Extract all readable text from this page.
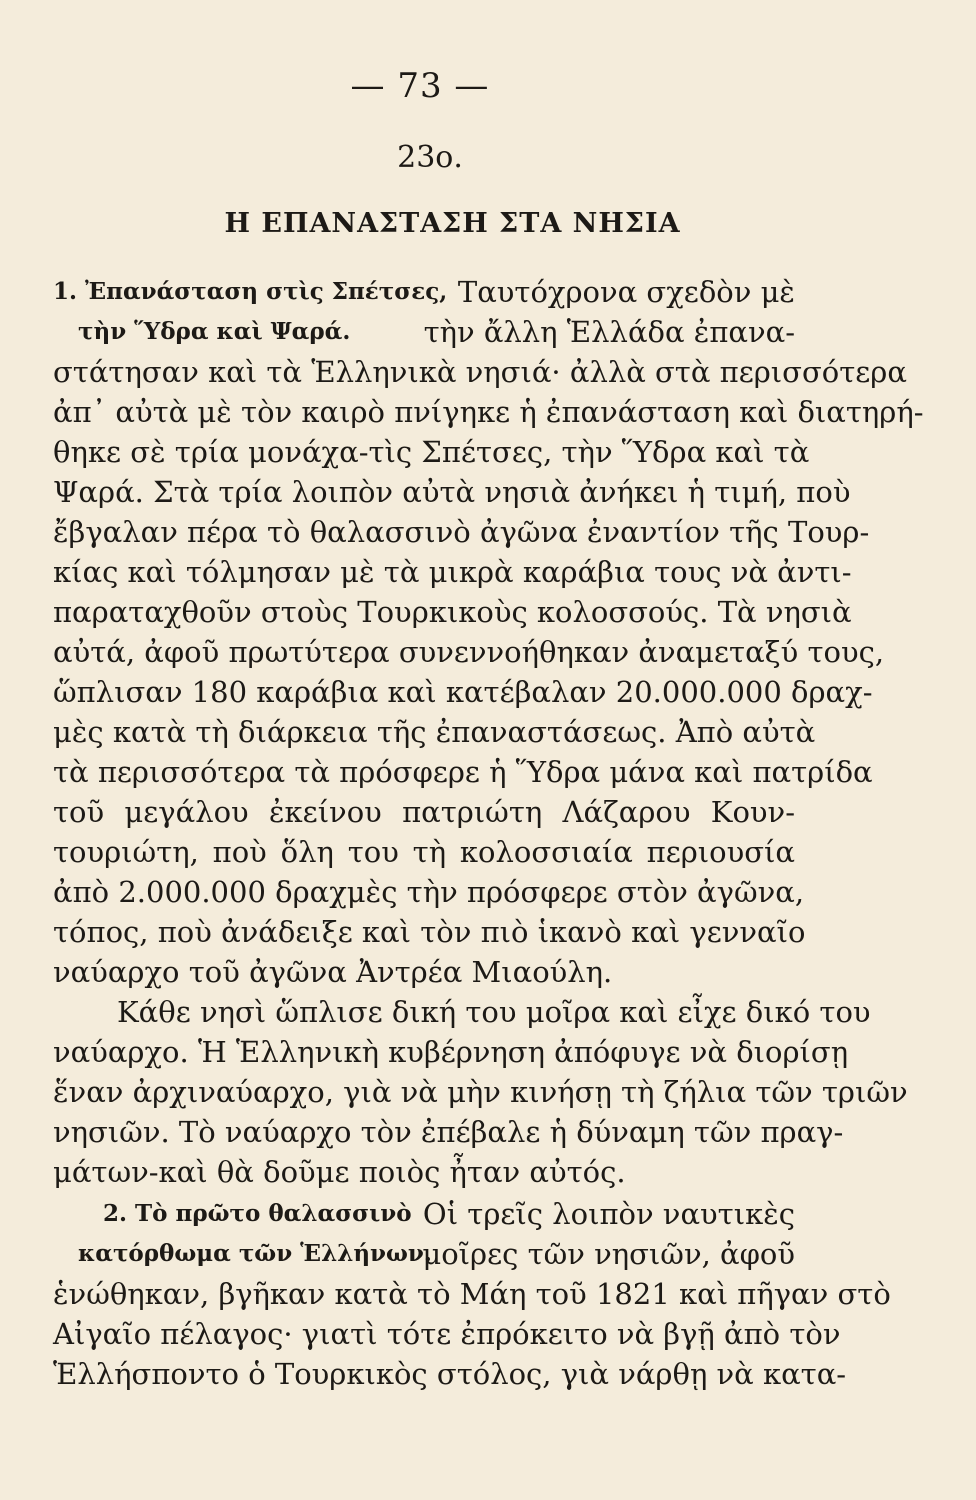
— 73 —
23ο.
Η ΕΠΑΝΑΣΤΑΣΗ ΣΤΑ ΝΗΣΙΑ
1. Ἐπανάσταση στὶς Σπέτσες, Ταυτόχρονα σχεδὸν μὲ
τὴν Ὕδρα καὶ Ψαρά.	τὴν ἄλλη Ἑλλάδα ἐπανα-
στάτησαν καὶ τὰ Ἑλληνικὰ νησιά· ἀλλὰ στὰ περισσότερα
ἀπ᾽ αὐτὰ μὲ τὸν καιρὸ πνίγηκε ἡ ἐπανάσταση καὶ διατηρή-
θηκε σὲ τρία μονάχα-τὶς Σπέτσες, τὴν Ὕδρα καὶ τὰ
Ψαρά. Στὰ τρία λοιπὸν αὐτὰ νησιὰ ἀνήκει ἡ τιμή, ποὺ
ἔβγαλαν πέρα τὸ θαλασσινὸ ἀγῶνα ἐναντίον τῆς Τουρ-
κίας καὶ τόλμησαν μὲ τὰ μικρὰ καράβια τους νὰ ἀντι-
παραταχθοῦν στοὺς Τουρκικοὺς κολοσσούς. Τὰ νησιὰ
αὐτά, ἀφοῦ πρωτύτερα συνεννοήθηκαν ἀναμεταξύ τους,
ὥπλισαν 180 καράβια καὶ κατέβαλαν 20.000.000 δραχ-
μὲς κατὰ τὴ διάρκεια τῆς ἐπαναστάσεως. Ἀπὸ αὐτὰ
τὰ περισσότερα τὰ πρόσφερε ἡ Ὕδρα μάνα καὶ πατρίδα
τοῦ μεγάλου ἐκείνου πατριώτη Λάζαρου Κουν-
τουριώτη, ποὺ ὅλη του τὴ κολοσσιαία περιουσία
ἀπὸ 2.000.000 δραχμὲς τὴν πρόσφερε στὸν ἀγῶνα,
τόπος, ποὺ ἀνάδειξε καὶ τὸν πιὸ ἱκανὸ καὶ γενναῖο
ναύαρχο τοῦ ἀγῶνα Ἀντρέα Μιαούλη.
Κάθε νησὶ ὥπλισε δική του μοῖρα καὶ εἶχε δικό του
ναύαρχο. Ἡ Ἑλληνικὴ κυβέρνηση ἀπόφυγε νὰ διορίσῃ
ἕναν ἀρχιναύαρχο, γιὰ νὰ μὴν κινήσῃ τὴ ζήλια τῶν τριῶν
νησιῶν. Τὸ ναύαρχο τὸν ἐπέβαλε ἡ δύναμη τῶν πραγ-
μάτων-καὶ θὰ δοῦμε ποιὸς ἦταν αὐτός.
2. Τὸ πρῶτο θαλασσινὸ Οἱ τρεῖς λοιπὸν ναυτικὲς
κατόρθωμα τῶν Ἑλλήνων.
μοῖρες τῶν νησιῶν, ἀφοῦ
ἑνώθηκαν, βγῆκαν κατὰ τὸ Μάη τοῦ 1821 καὶ πῆγαν στὸ
Αἰγαῖο πέλαγος· γιατὶ τότε ἐπρόκειτο νὰ βγῇ ἀπὸ τὸν
Ἑλλήσποντο ὁ Τουρκικὸς στόλος, γιὰ νάρθῃ νὰ κατα-
